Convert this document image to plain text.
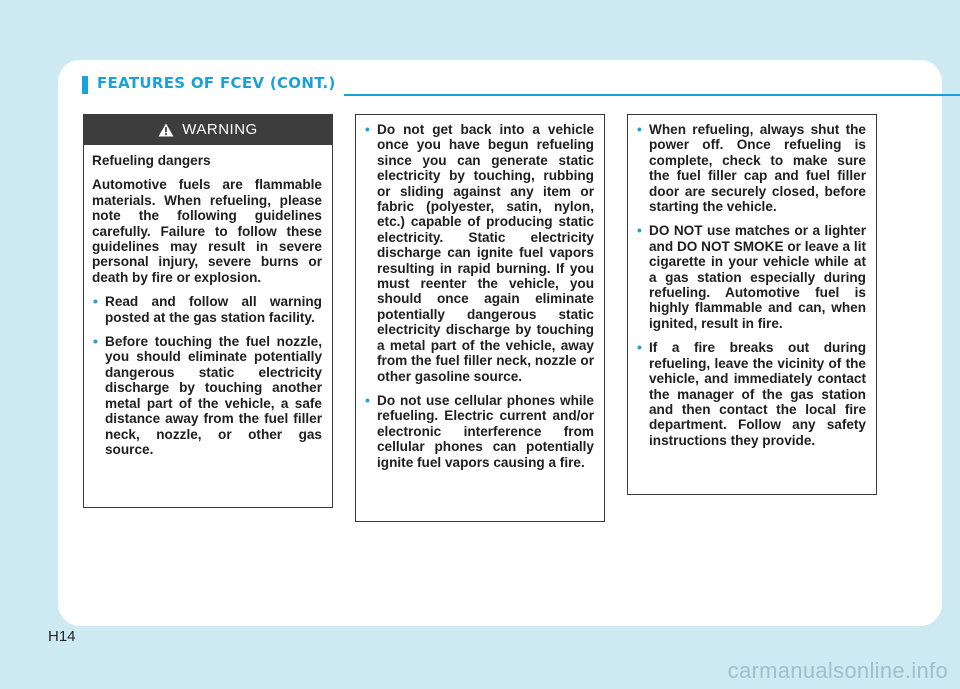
FEATURES OF FCEV (CONT.)
WARNING

Refueling dangers

Automotive fuels are flammable materials. When refueling, please note the following guidelines carefully. Failure to follow these guidelines may result in severe personal injury, severe burns or death by fire or explosion.

• Read and follow all warning posted at the gas station facility.
• Before touching the fuel nozzle, you should eliminate potentially dangerous static electricity discharge by touching another metal part of the vehicle, a safe distance away from the fuel filler neck, nozzle, or other gas source.
• Do not get back into a vehicle once you have begun refueling since you can generate static electricity by touching, rubbing or sliding against any item or fabric (polyester, satin, nylon, etc.) capable of producing static electricity. Static electricity discharge can ignite fuel vapors resulting in rapid burning. If you must reenter the vehicle, you should once again eliminate potentially dangerous static electricity discharge by touching a metal part of the vehicle, away from the fuel filler neck, nozzle or other gasoline source.
• Do not use cellular phones while refueling. Electric current and/or electronic interference from cellular phones can potentially ignite fuel vapors causing a fire.
• When refueling, always shut the power off. Once refueling is complete, check to make sure the fuel filler cap and fuel filler door are securely closed, before starting the vehicle.
• DO NOT use matches or a lighter and DO NOT SMOKE or leave a lit cigarette in your vehicle while at a gas station especially during refueling. Automotive fuel is highly flammable and can, when ignited, result in fire.
• If a fire breaks out during refueling, leave the vicinity of the vehicle, and immediately contact the manager of the gas station and then contact the local fire department. Follow any safety instructions they provide.
H14
carmanualsonline.info
